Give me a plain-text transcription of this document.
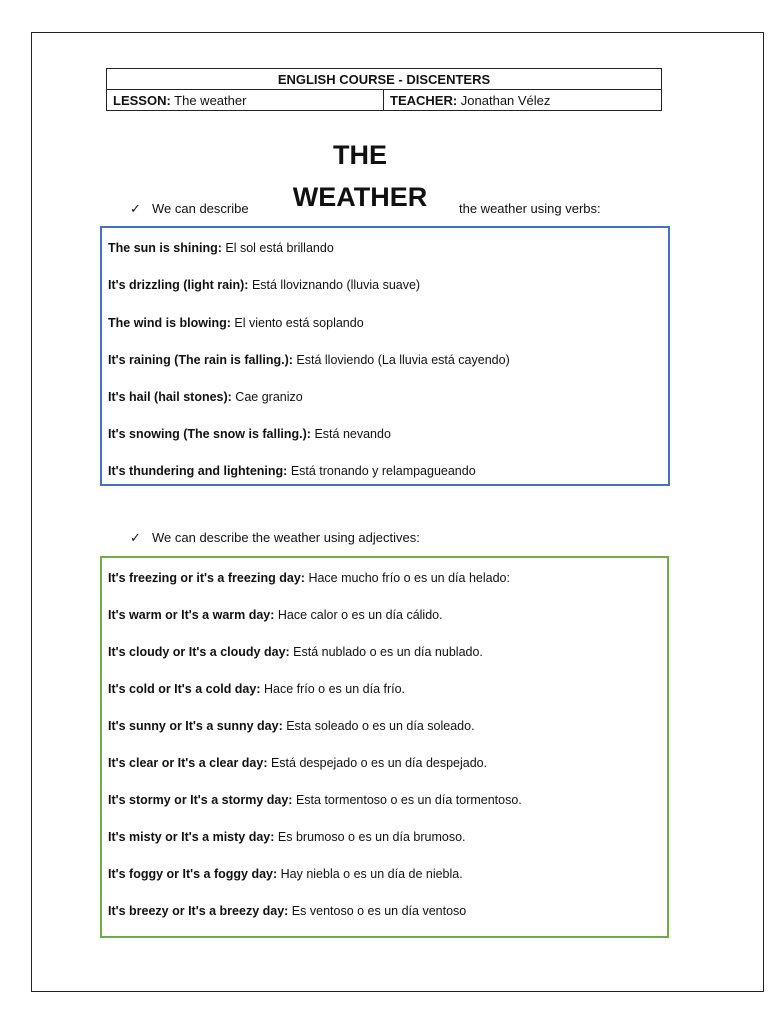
ENGLISH COURSE - DISCENTERS
LESSON: The weather	TEACHER: Jonathan Vélez
THE
WEATHER
✓ We can describe	the weather using verbs:
The sun is shining: El sol está brillando
It's drizzling (light rain): Está lloviznando (lluvia suave)
The wind is blowing: El viento está soplando
It's raining (The rain is falling.): Está lloviendo (La lluvia está cayendo)
It's hail (hail stones): Cae granizo
It's snowing (The snow is falling.): Está nevando
It's thundering and lightening: Está tronando y relampagueando
✓ We can describe the weather using adjectives:
It's freezing or it's a freezing day: Hace mucho frío o es un día helado:
It's warm or It's a warm day: Hace calor o es un día cálido.
It's cloudy or It's a cloudy day: Está nublado o es un día nublado.
It's cold or It's a cold day: Hace frío o es un día frío.
It's sunny or It's a sunny day: Esta soleado o es un día soleado.
It's clear or It's a clear day: Está despejado o es un día despejado.
It's stormy or It's a stormy day: Esta tormentoso o es un día tormentoso.
It's misty or It's a misty day: Es brumoso o es un día brumoso.
It's foggy or It's a foggy day: Hay niebla o es un día de niebla.
It's breezy or It's a breezy day: Es ventoso o es un día ventoso
